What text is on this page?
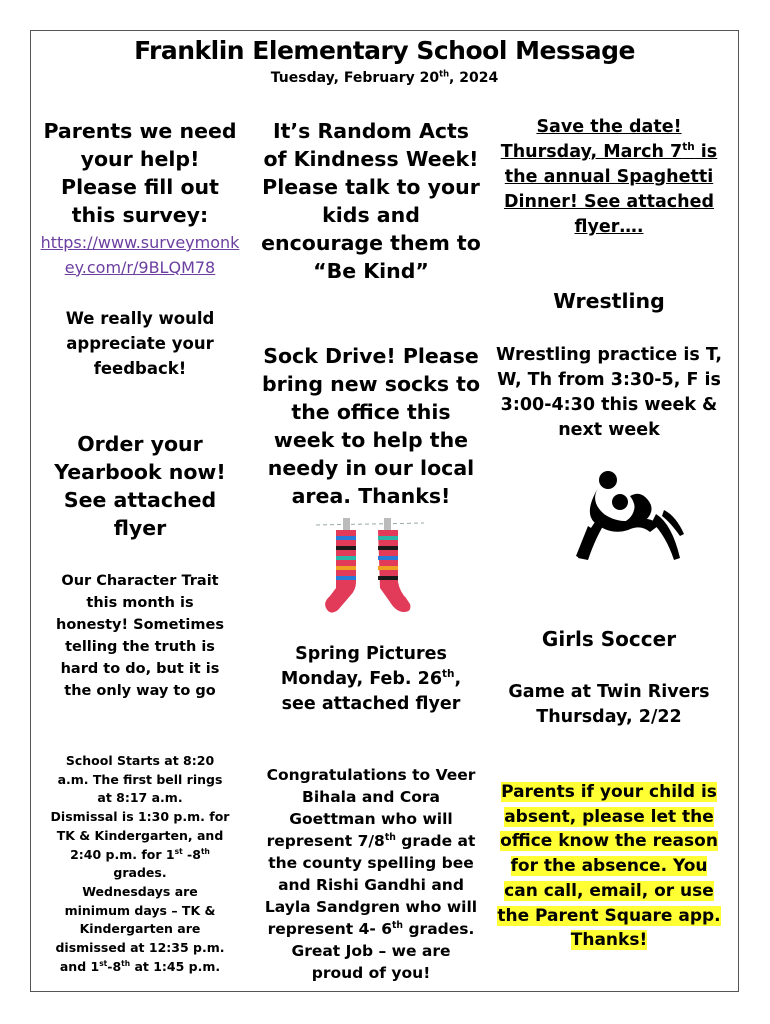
Franklin Elementary School Message
Tuesday, February 20th, 2024
Parents we need
your help!
Please fill out
this survey:
https://www.surveymonkey.com/r/9BLQM78
We really would
appreciate your
feedback!
Order your
Yearbook now!
See attached
flyer
Our Character Trait
this month is
honesty! Sometimes
telling the truth is
hard to do, but it is
the only way to go
School Starts at 8:20
a.m. The first bell rings
at 8:17 a.m.
Dismissal is 1:30 p.m. for
TK & Kindergarten, and
2:40 p.m. for 1st -8th
grades.
Wednesdays are
minimum days – TK &
Kindergarten are
dismissed at 12:35 p.m.
and 1st-8th at 1:45 p.m.
It’s Random Acts
of Kindness Week!
Please talk to your
kids and
encourage them to
“Be Kind”
Sock Drive! Please
bring new socks to
the office this
week to help the
needy in our local
area. Thanks!
Spring Pictures
Monday, Feb. 26th,
see attached flyer
Congratulations to Veer
Bihala and Cora
Goettman who will
represent 7/8th grade at
the county spelling bee
and Rishi Gandhi and
Layla Sandgren who will
represent 4- 6th grades.
Great Job – we are
proud of you!
Save the date!
Thursday, March 7th is
the annual Spaghetti
Dinner! See attached
flyer….
Wrestling
Wrestling practice is T,
W, Th from 3:30-5, F is
3:00-4:30 this week &
next week
Girls Soccer
Game at Twin Rivers
Thursday, 2/22
Parents if your child is
absent, please let the
office know the reason
for the absence. You
can call, email, or use
the Parent Square app.
Thanks!
